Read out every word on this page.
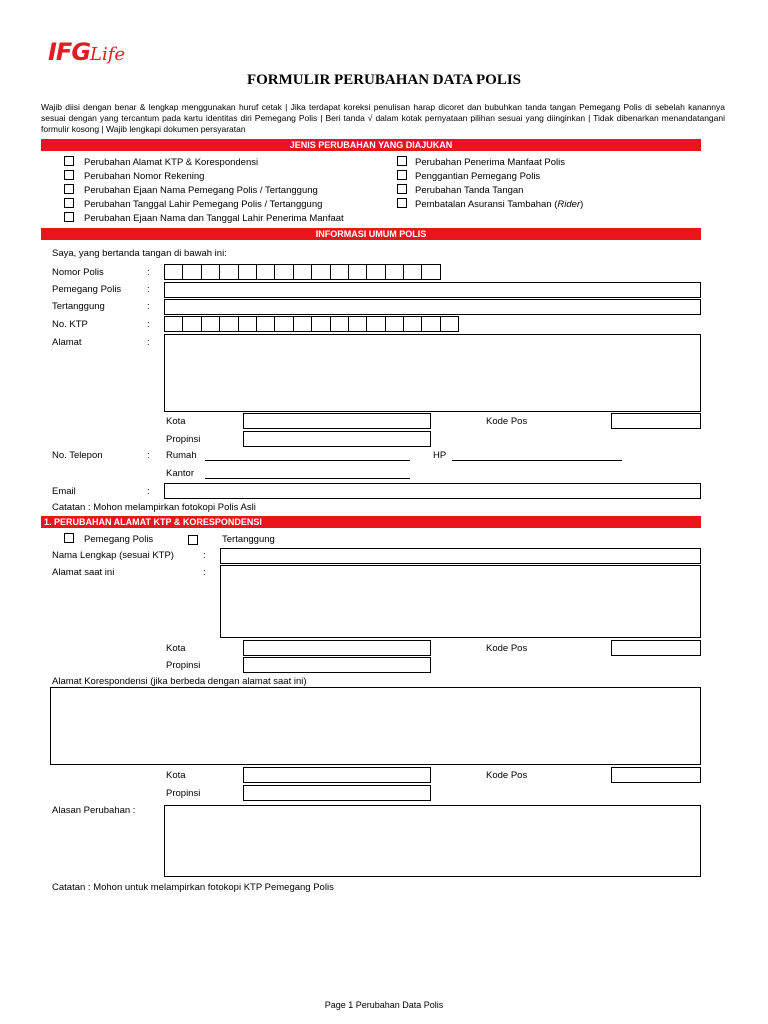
IFGLife
FORMULIR PERUBAHAN DATA POLIS
Wajib diisi dengan benar & lengkap menggunakan huruf cetak | Jika terdapat koreksi penulisan harap dicoret dan bubuhkan tanda tangan Pemegang Polis di sebelah kanannya sesuai dengan yang tercantum pada kartu identitas diri Pemegang Polis | Beri tanda √ dalam kotak pernyataan pilihan sesuai yang diinginkan | Tidak dibenarkan menandatangani formulir kosong | Wajib lengkapi dokumen persyaratan
JENIS PERUBAHAN YANG DIAJUKAN
Perubahan Alamat KTP & Korespondensi
Perubahan Nomor Rekening
Perubahan Ejaan Nama Pemegang Polis / Tertanggung
Perubahan Tanggal Lahir Pemegang Polis / Tertanggung
Perubahan Ejaan Nama dan Tanggal Lahir Penerima Manfaat
Perubahan Penerima Manfaat Polis
Penggantian Pemegang Polis
Perubahan Tanda Tangan
Pembatalan Asuransi Tambahan (Rider)
INFORMASI UMUM POLIS
Saya, yang bertanda tangan di bawah ini:
Nomor Polis	:
Pemegang Polis	:
Tertanggung	:
No. KTP	:
Alamat	:
Kota	Kode Pos
Propinsi
No. Telepon	: Rumah	HP
Kantor
Email	:
Catatan : Mohon melampirkan fotokopi Polis Asli
1. PERUBAHAN ALAMAT KTP & KORESPONDENSI
Pemegang Polis	Tertanggung
Nama Lengkap (sesuai KTP)	:
Alamat saat ini	:
Kota	Kode Pos
Propinsi
Alamat Korespondensi (jika berbeda dengan alamat saat ini)
Kota	Kode Pos
Propinsi
Alasan Perubahan :
Catatan : Mohon untuk melampirkan fotokopi KTP Pemegang Polis
Page 1 Perubahan Data Polis
